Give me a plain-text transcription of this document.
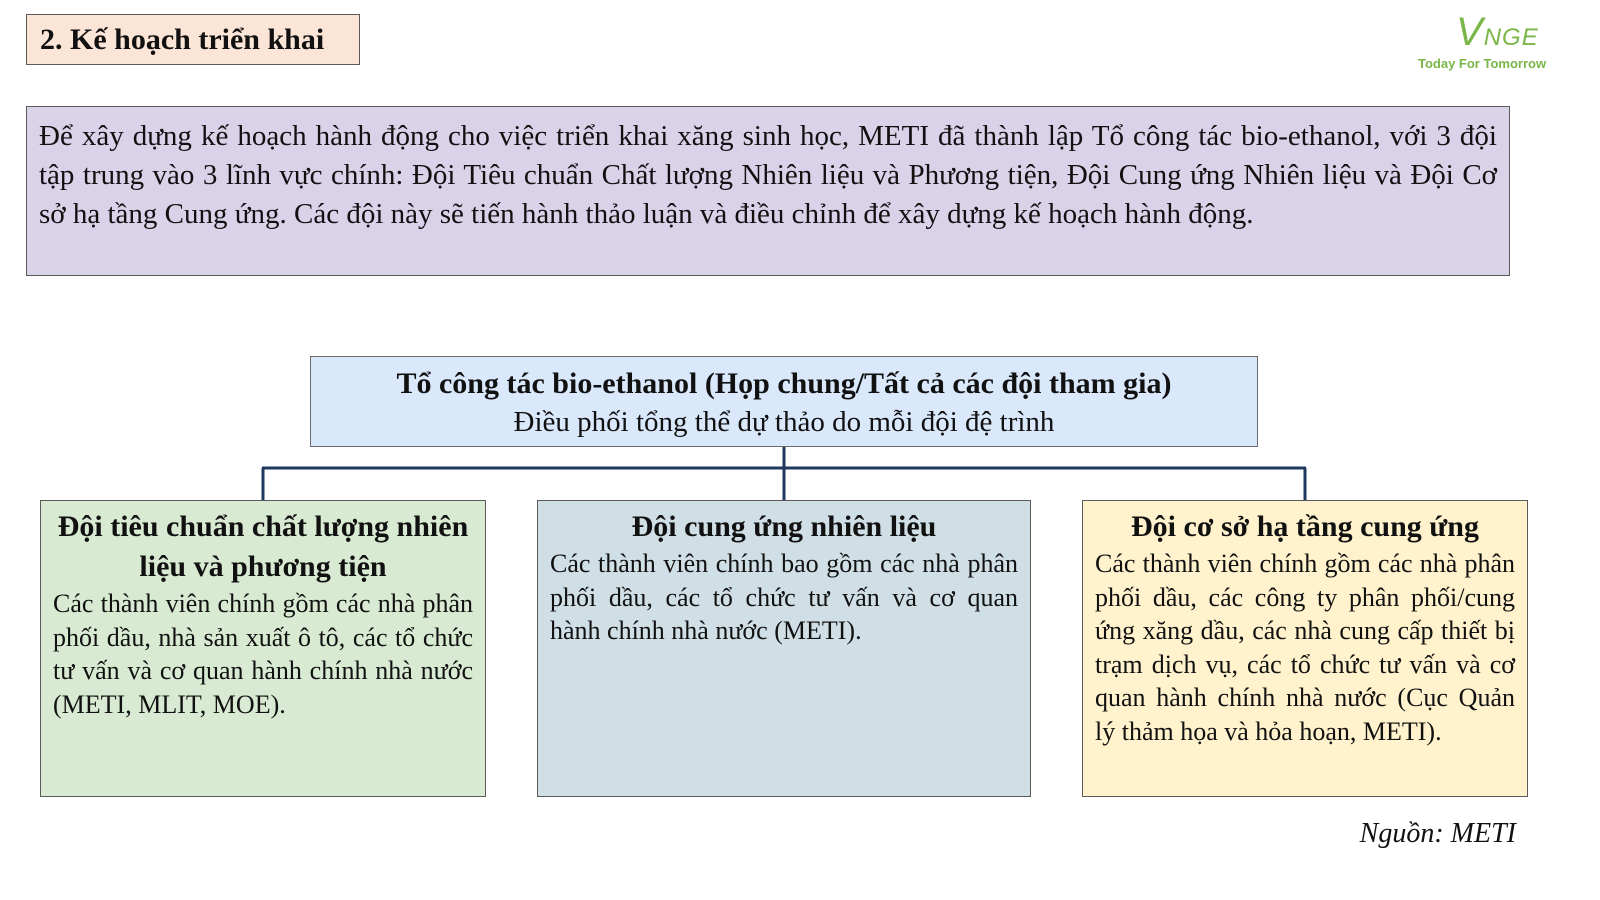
2. Kế hoạch triển khai	VNGE
Today For Tomorrow
Để xây dựng kế hoạch hành động cho việc triển khai xăng sinh học, METI đã thành lập Tổ công tác bio-ethanol, với 3 đội tập trung vào 3 lĩnh vực chính: Đội Tiêu chuẩn Chất lượng Nhiên liệu và Phương tiện, Đội Cung ứng Nhiên liệu và Đội Cơ sở hạ tầng Cung ứng. Các đội này sẽ tiến hành thảo luận và điều chỉnh để xây dựng kế hoạch hành động.
Tổ công tác bio-ethanol (Họp chung/Tất cả các đội tham gia)
Điều phối tổng thể dự thảo do mỗi đội đệ trình
Đội tiêu chuẩn chất lượng nhiên liệu và phương tiện
Các thành viên chính gồm các nhà phân phối dầu, nhà sản xuất ô tô, các tổ chức tư vấn và cơ quan hành chính nhà nước (METI, MLIT, MOE).
Đội cung ứng nhiên liệu
Các thành viên chính bao gồm các nhà phân phối dầu, các tổ chức tư vấn và cơ quan hành chính nhà nước (METI).
Đội cơ sở hạ tầng cung ứng
Các thành viên chính gồm các nhà phân phối dầu, các công ty phân phối/cung ứng xăng dầu, các nhà cung cấp thiết bị trạm dịch vụ, các tổ chức tư vấn và cơ quan hành chính nhà nước (Cục Quản lý thảm họa và hỏa hoạn, METI).
Nguồn: METI
